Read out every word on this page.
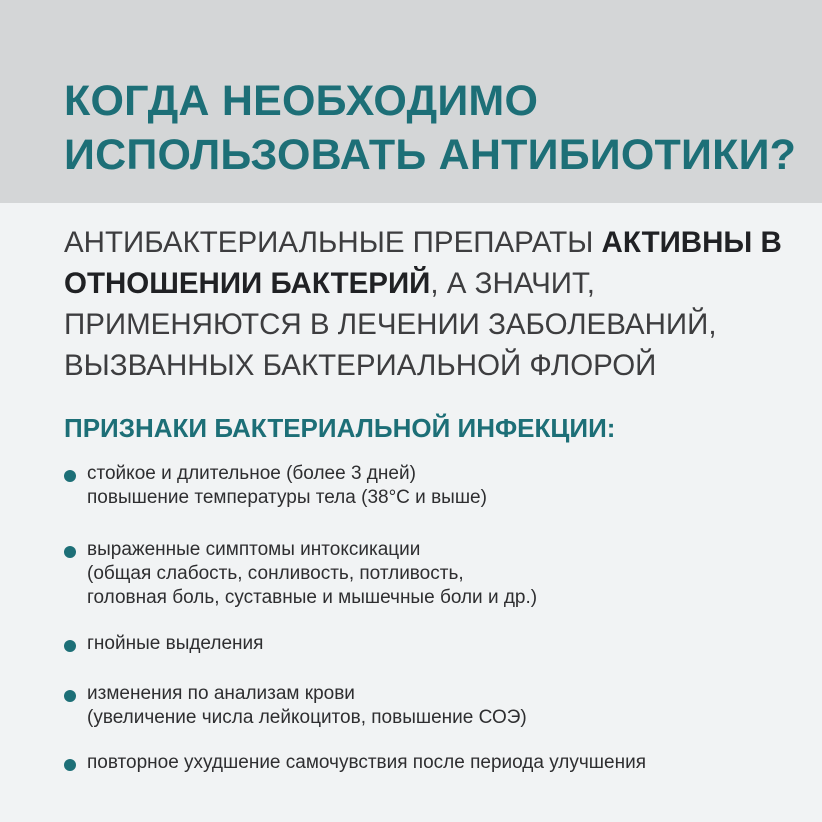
КОГДА НЕОБХОДИМО
ИСПОЛЬЗОВАТЬ АНТИБИОТИКИ?

АНТИБАКТЕРИАЛЬНЫЕ ПРЕПАРАТЫ АКТИВНЫ В ОТНОШЕНИИ БАКТЕРИЙ, А ЗНАЧИТ, ПРИМЕНЯЮТСЯ В ЛЕЧЕНИИ ЗАБОЛЕВАНИЙ, ВЫЗВАННЫХ БАКТЕРИАЛЬНОЙ ФЛОРОЙ

ПРИЗНАКИ БАКТЕРИАЛЬНОЙ ИНФЕКЦИИ:
стойкое и длительное (более 3 дней)
повышение температуры тела (38°С и выше)
выраженные симптомы интоксикации
(общая слабость, сонливость, потливость,
головная боль, суставные и мышечные боли и др.)
гнойные выделения
изменения по анализам крови
(увеличение числа лейкоцитов, повышение СОЭ)
повторное ухудшение самочувствия после периода улучшения
